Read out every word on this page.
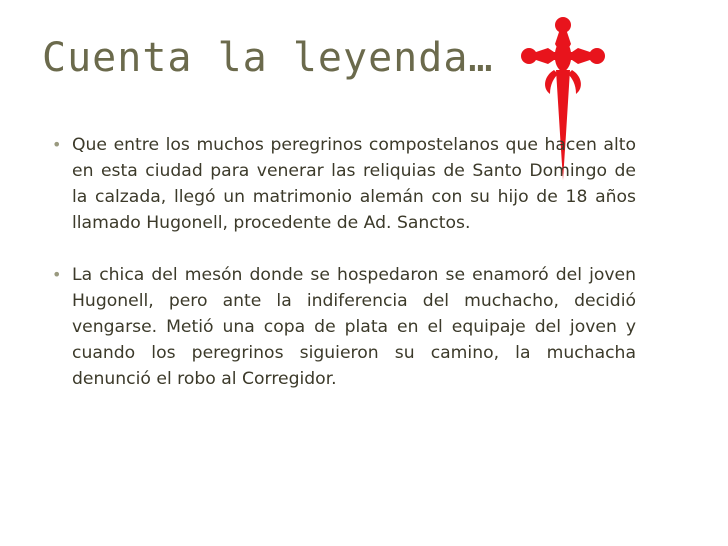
Cuenta la leyenda…
• Que entre los muchos peregrinos compostelanos que hacen alto en esta ciudad para venerar las reliquias de Santo Domingo de la calzada, llegó un matrimonio alemán con su hijo de 18 años llamado Hugonell, procedente de Ad. Sanctos.
• La chica del mesón donde se hospedaron se enamoró del joven Hugonell, pero ante la indiferencia del muchacho, decidió vengarse. Metió una copa de plata en el equipaje del joven y cuando los peregrinos siguieron su camino, la muchacha denunció el robo al Corregidor.
